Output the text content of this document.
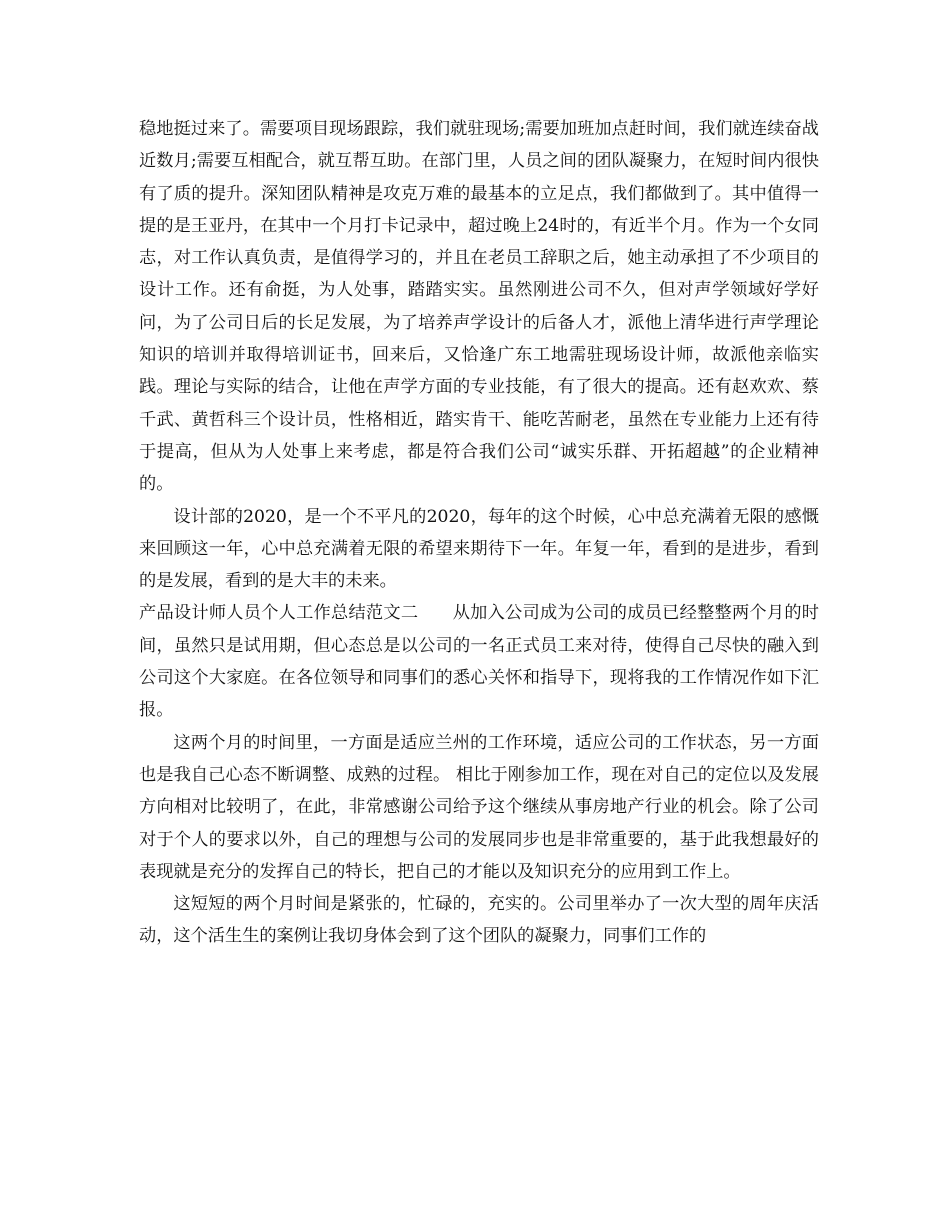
稳地挺过来了。需要项目现场跟踪，我们就驻现场;需要加班加点赶时间，我们就连续奋战近数月;需要互相配合，就互帮互助。在部门里，人员之间的团队凝聚力，在短时间内很快有了质的提升。深知团队精神是攻克万难的最基本的立足点，我们都做到了。其中值得一提的是王亚丹，在其中一个月打卡记录中，超过晚上24时的，有近半个月。作为一个女同志，对工作认真负责，是值得学习的，并且在老员工辞职之后，她主动承担了不少项目的设计工作。还有俞挺，为人处事，踏踏实实。虽然刚进公司不久，但对声学领域好学好问，为了公司日后的长足发展，为了培养声学设计的后备人才，派他上清华进行声学理论知识的培训并取得培训证书，回来后，又恰逢广东工地需驻现场设计师，故派他亲临实践。理论与实际的结合，让他在声学方面的专业技能，有了很大的提高。还有赵欢欢、蔡千武、黄哲科三个设计员，性格相近，踏实肯干、能吃苦耐老，虽然在专业能力上还有待于提高，但从为人处事上来考虑，都是符合我们公司“诚实乐群、开拓超越”的企业精神的。

设计部的2020，是一个不平凡的2020，每年的这个时候，心中总充满着无限的感慨来回顾这一年，心中总充满着无限的希望来期待下一年。年复一年，看到的是进步，看到的是发展，看到的是大丰的未来。

产品设计师人员个人工作总结范文二 从加入公司成为公司的成员已经整整两个月的时间，虽然只是试用期，但心态总是以公司的一名正式员工来对待，使得自己尽快的融入到公司这个大家庭。在各位领导和同事们的悉心关怀和指导下，现将我的工作情况作如下汇报。

这两个月的时间里，一方面是适应兰州的工作环境，适应公司的工作状态，另一方面也是我自己心态不断调整、成熟的过程。 相比于刚参加工作，现在对自己的定位以及发展方向相对比较明了，在此，非常感谢公司给予这个继续从事房地产行业的机会。除了公司对于个人的要求以外，自己的理想与公司的发展同步也是非常重要的，基于此我想最好的表现就是充分的发挥自己的特长，把自己的才能以及知识充分的应用到工作上。

这短短的两个月时间是紧张的，忙碌的，充实的。公司里举办了一次大型的周年庆活动，这个活生生的案例让我切身体会到了这个团队的凝聚力，同事们工作的
